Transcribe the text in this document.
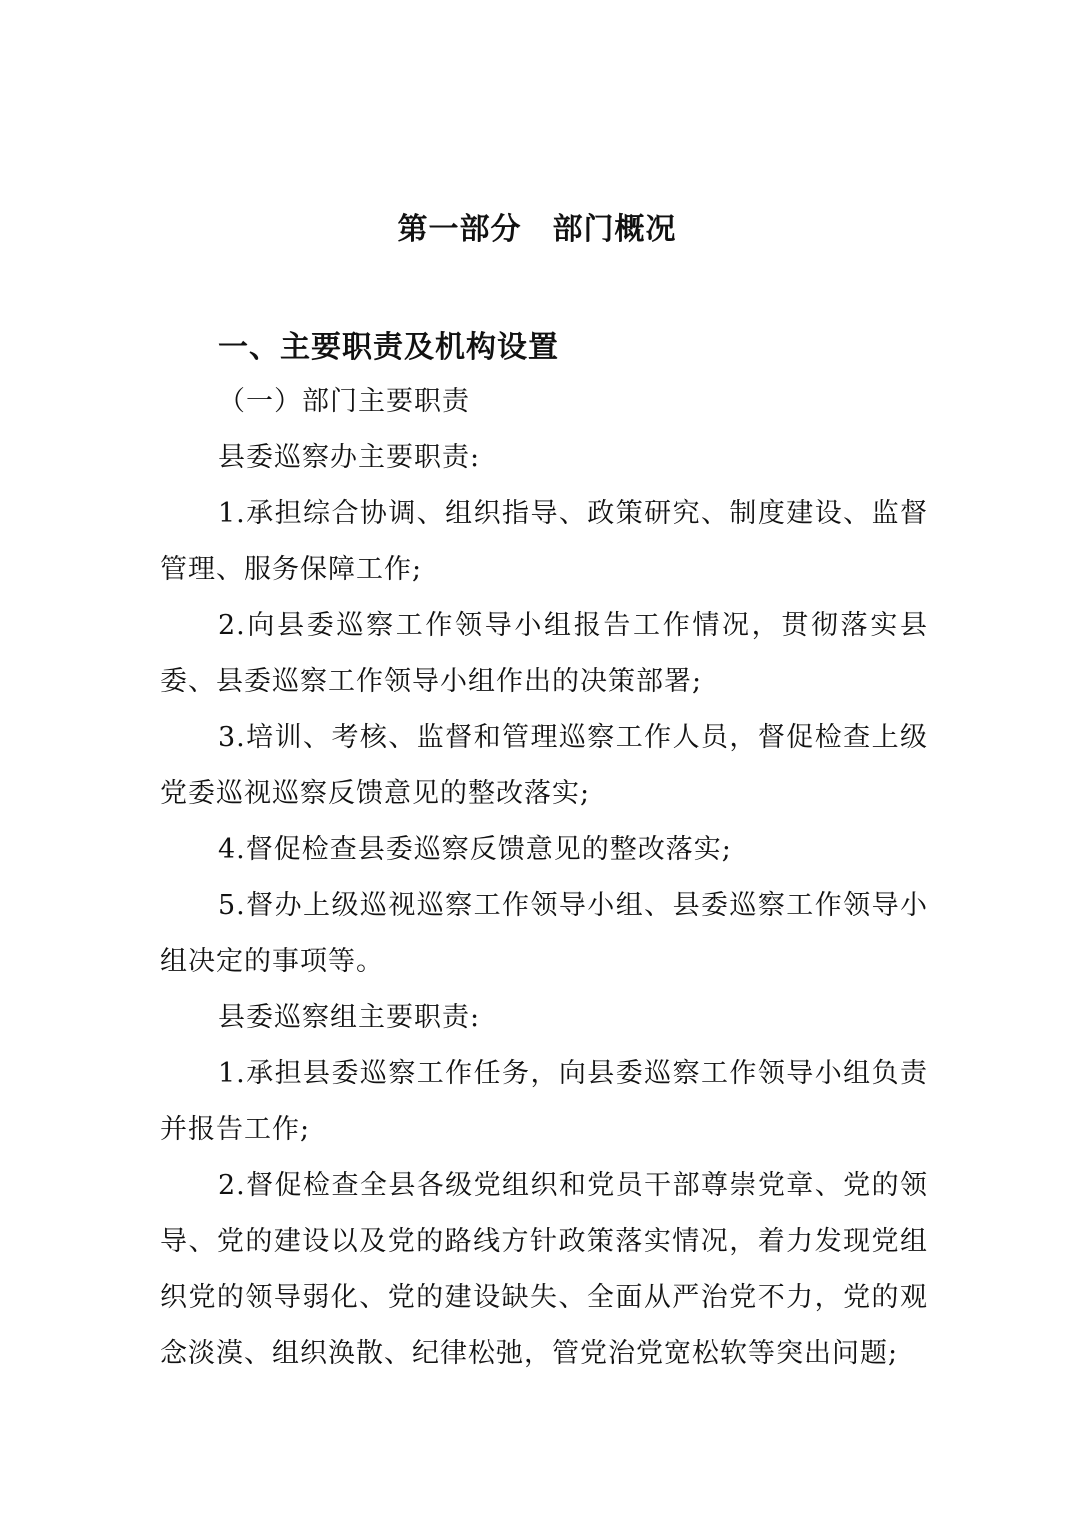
第一部分　部门概况
一、主要职责及机构设置

（一）部门主要职责

县委巡察办主要职责:

1.承担综合协调、组织指导、政策研究、制度建设、监督管理、服务保障工作;

2.向县委巡察工作领导小组报告工作情况，贯彻落实县委、县委巡察工作领导小组作出的决策部署;

3.培训、考核、监督和管理巡察工作人员，督促检查上级党委巡视巡察反馈意见的整改落实;

4.督促检查县委巡察反馈意见的整改落实;

5.督办上级巡视巡察工作领导小组、县委巡察工作领导小组决定的事项等。

县委巡察组主要职责:

1.承担县委巡察工作任务，向县委巡察工作领导小组负责并报告工作;

2.督促检查全县各级党组织和党员干部尊崇党章、党的领导、党的建设以及党的路线方针政策落实情况，着力发现党组织党的领导弱化、党的建设缺失、全面从严治党不力，党的观念淡漠、组织涣散、纪律松弛，管党治党宽松软等突出问题;
